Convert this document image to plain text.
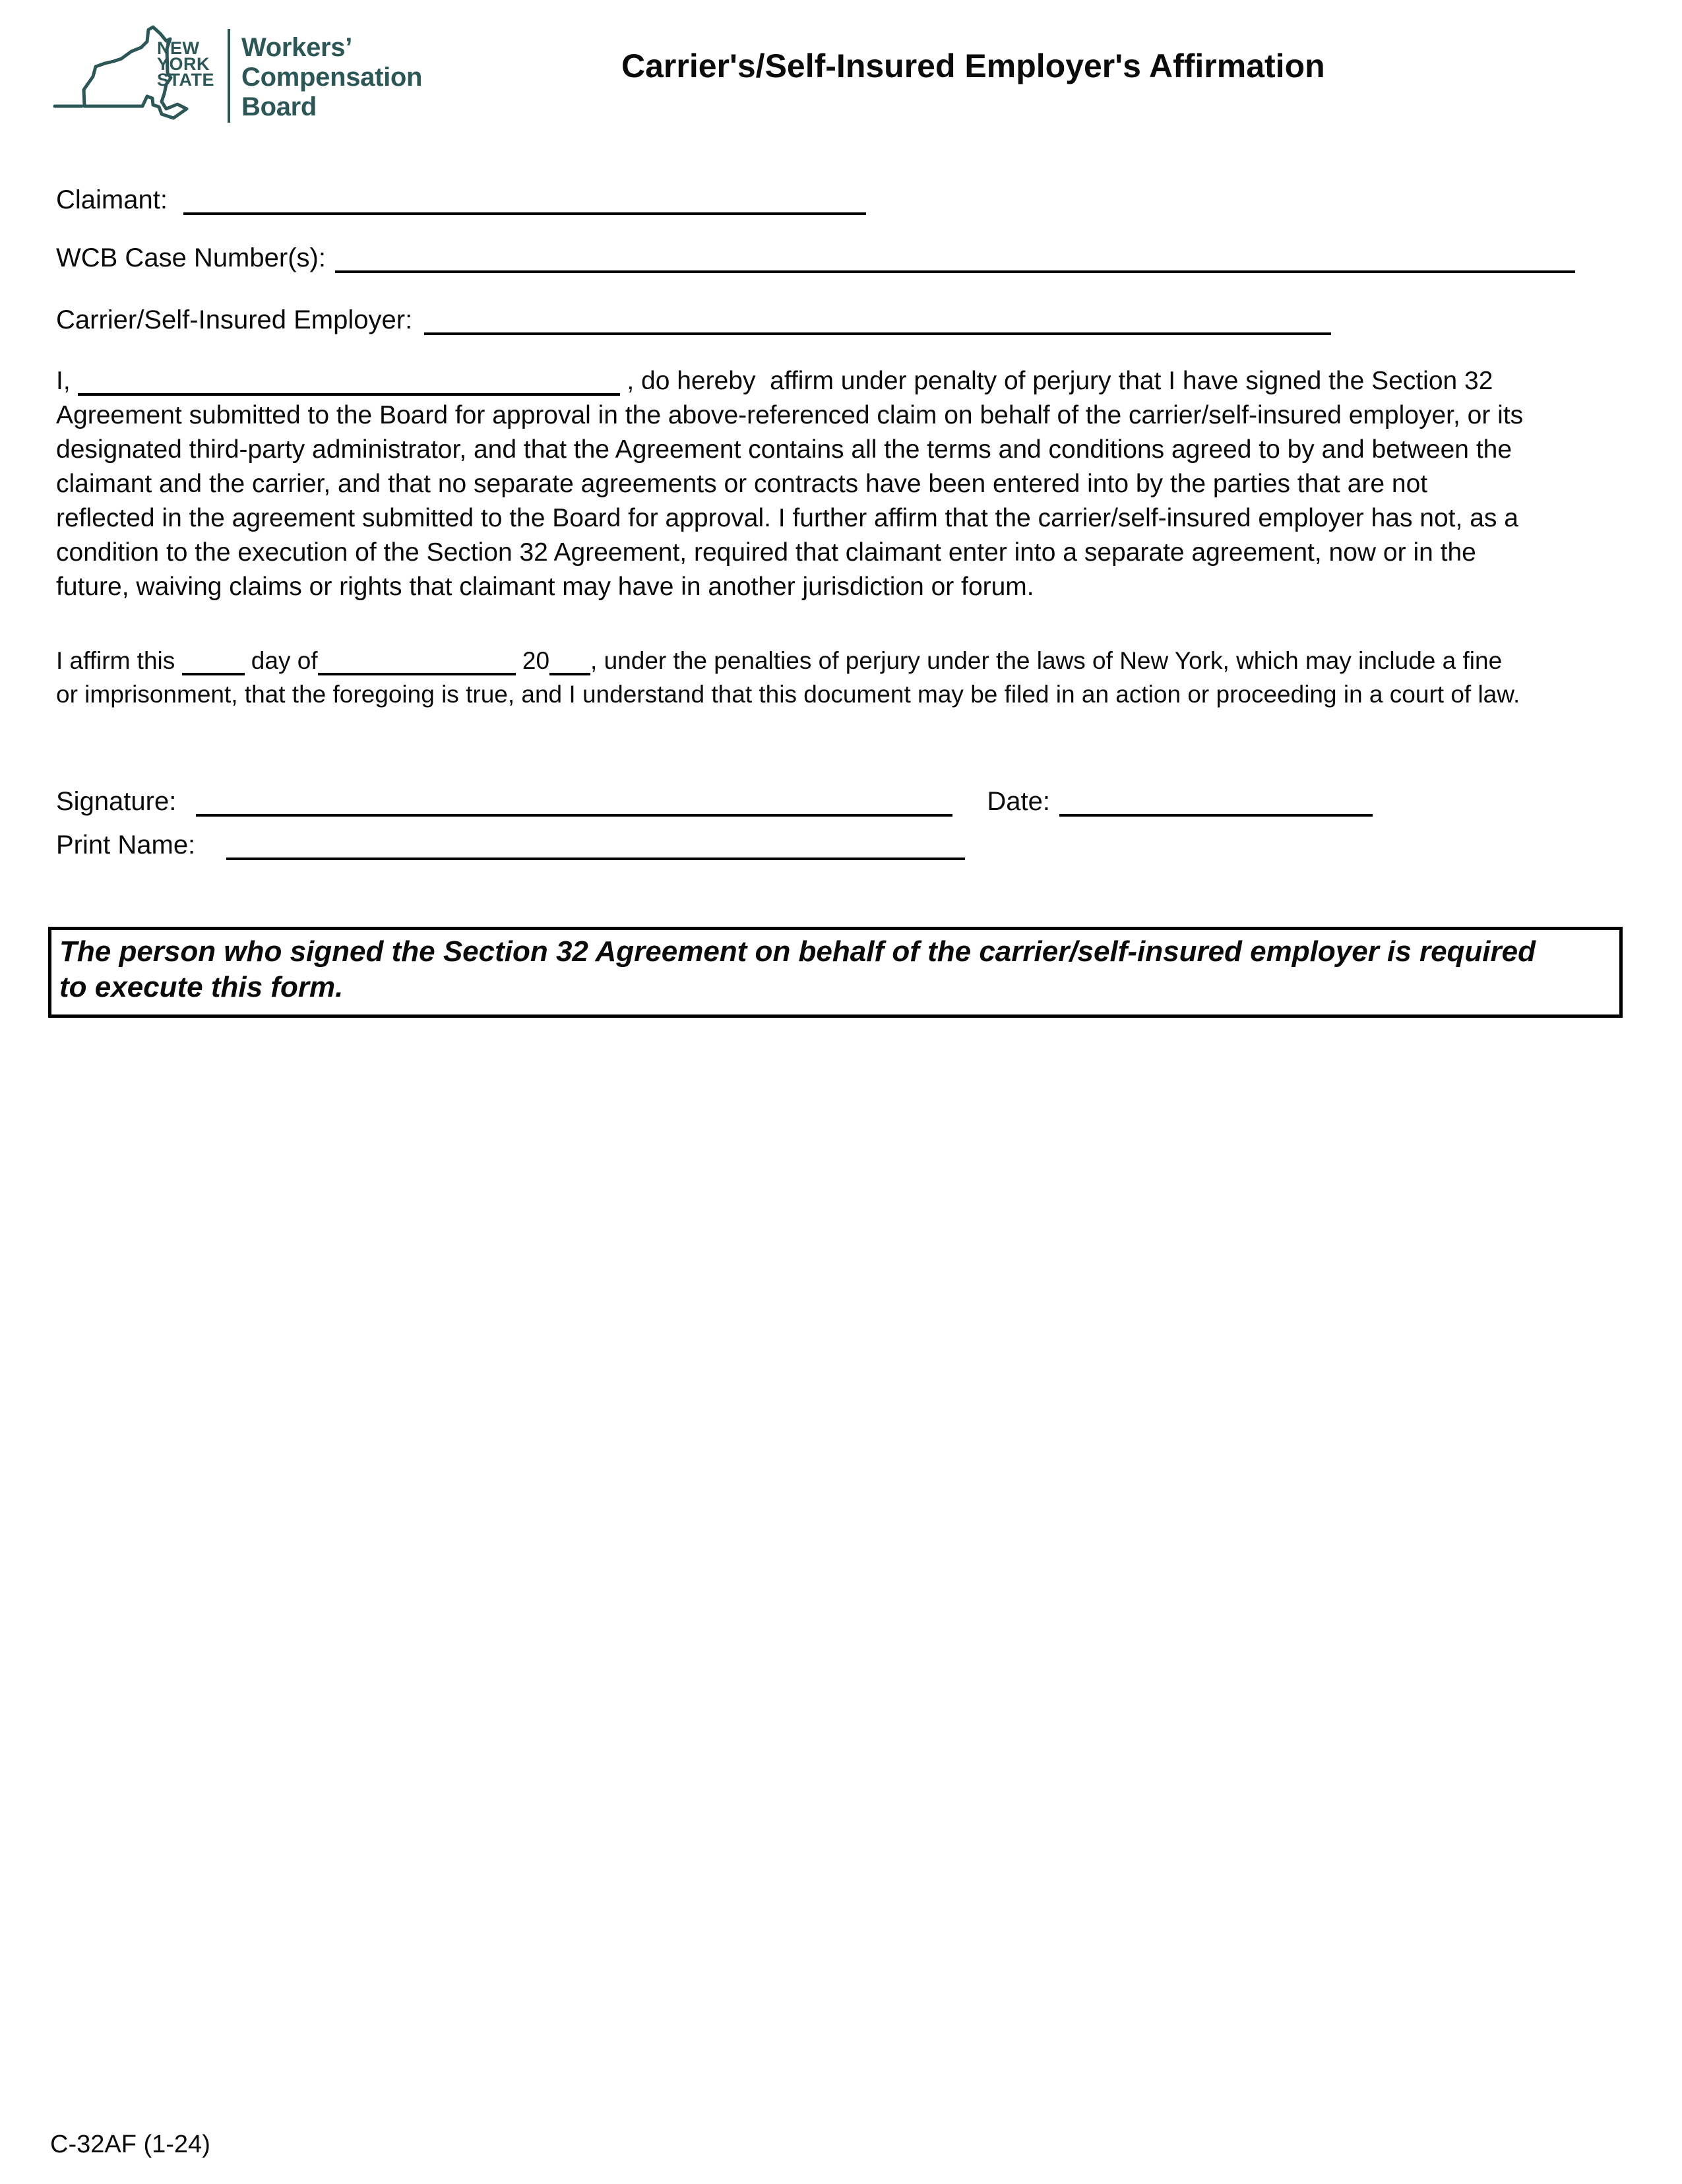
NEW
YORK
STATE
Workers’
Compensation
Board
Carrier's/Self-Insured Employer's Affirmation
Claimant:
WCB Case Number(s):
Carrier/Self-Insured Employer:
I,	, do hereby  affirm under penalty of perjury that I have signed the Section 32
Agreement submitted to the Board for approval in the above-referenced claim on behalf of the carrier/self-insured employer, or its
designated third-party administrator, and that the Agreement contains all the terms and conditions agreed to by and between the
claimant and the carrier, and that no separate agreements or contracts have been entered into by the parties that are not
reflected in the agreement submitted to the Board for approval. I further affirm that the carrier/self-insured employer has not, as a
condition to the execution of the Section 32 Agreement, required that claimant enter into a separate agreement, now or in the
future, waiving claims or rights that claimant may have in another jurisdiction or forum.
I affirm this	day of	20 , under the penalties of perjury under the laws of New York, which may include a fine
or imprisonment, that the foregoing is true, and I understand that this document may be filed in an action or proceeding in a court of law.
Signature:	Date:
Print Name:
The person who signed the Section 32 Agreement on behalf of the carrier/self-insured employer is required
to execute this form.
C-32AF (1-24)
